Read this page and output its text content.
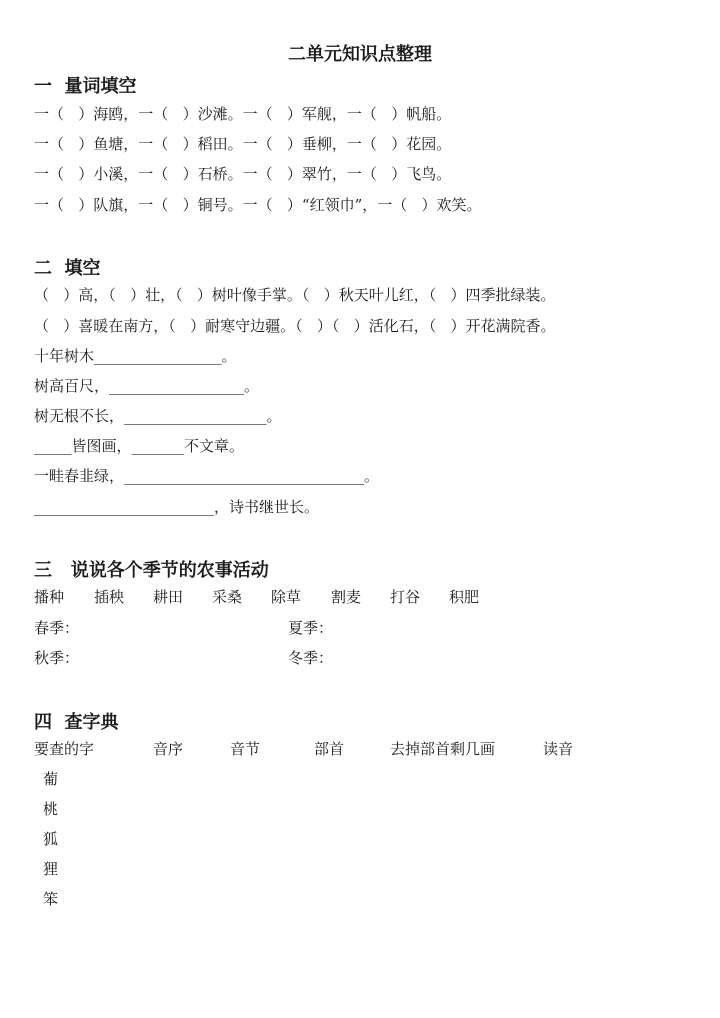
二单元知识点整理
一  量词填空
一（   ）海鸥，一（   ）沙滩。一（   ）军舰，一（   ）帆船。
一（   ）鱼塘，一（   ）稻田。一（   ）垂柳，一（   ）花园。
一（   ）小溪，一（   ）石桥。一（   ）翠竹，一（   ）飞鸟。
一（   ）队旗，一（   ）铜号。一（   ）“红领巾”，一（   ）欢笑。
二  填空
（   ）高，（   ）壮，（   ）树叶像手掌。（   ）秋天叶儿红，（   ）四季批绿装。
（   ）喜暖在南方，（   ）耐寒守边疆。（   ）（   ）活化石，（   ）开花满院香。
十年树木_________________。
树高百尺，__________________。
树无根不长，___________________。
_____皆图画，_______不文章。
一畦春韭绿，________________________________。
________________________，诗书继世长。
三   说说各个季节的农事活动
播种 插秧 耕田 采桑 除草 割麦 打谷 积肥
春季：	夏季：
秋季：	冬季：
四  查字典
要查的字	音序	音节	部首	去掉部首剩几画	读音
葡
桃
狐
狸
笨
